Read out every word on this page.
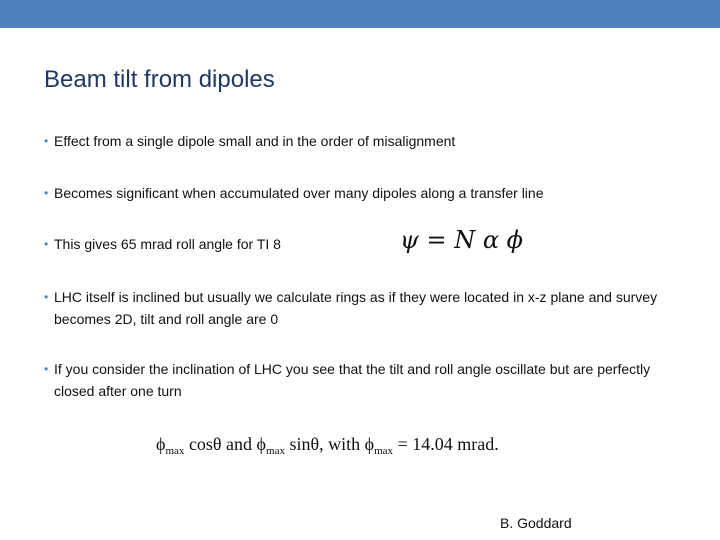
Beam tilt from dipoles
• Effect from a single dipole small and in the order of misalignment
• Becomes significant when accumulated over many dipoles along a transfer line
• This gives 65 mrad roll angle for TI 8
• LHC itself is inclined but usually we calculate rings as if they were located in x-z plane and survey becomes 2D, tilt and roll angle are 0
• If you consider the inclination of LHC you see that the tilt and roll angle oscillate but are perfectly closed after one turn
ψ = N α ϕ
$\phi_{max}$ cosθ and $\phi_{max}$ sinθ, with $\phi_{max} = 14.04$ mrad.
B. Goddard
